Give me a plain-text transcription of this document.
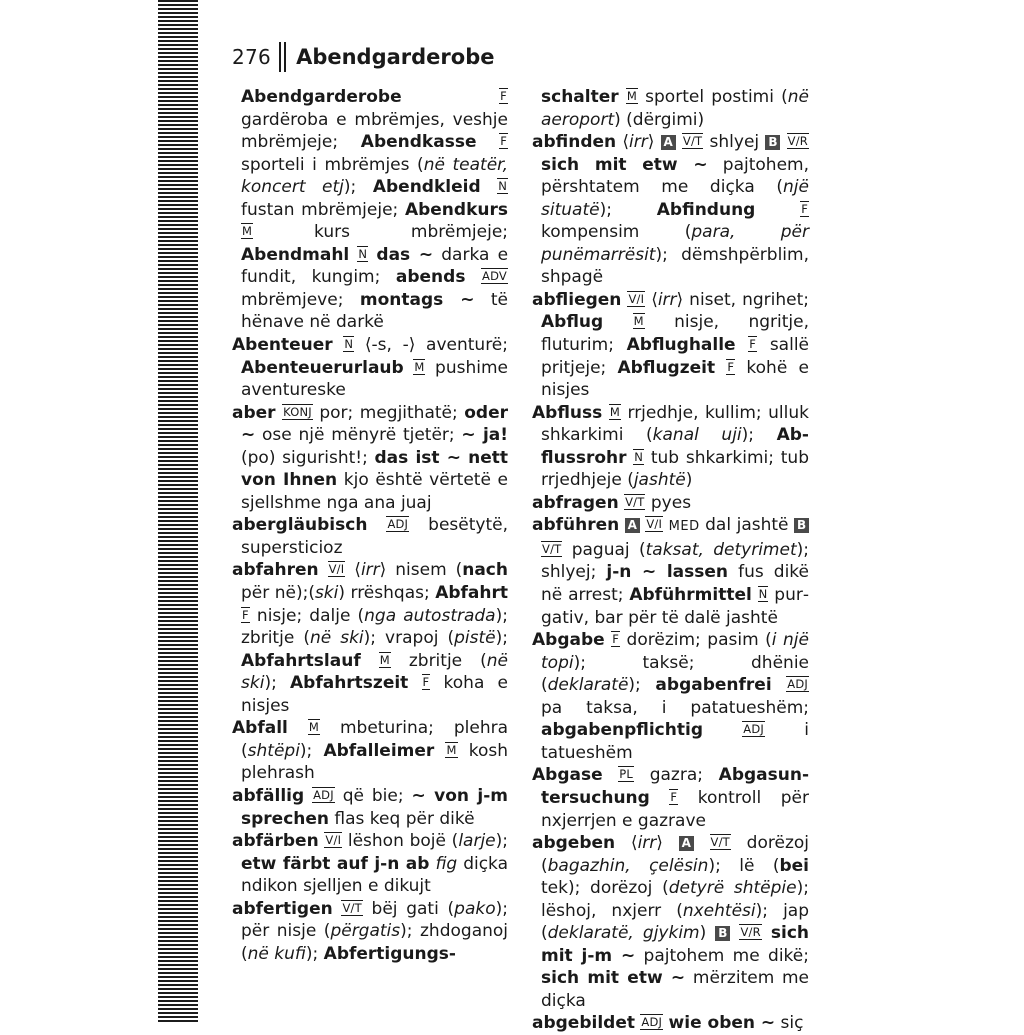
276 Abendgarderobe

Abendgarderobe	F gardëroba e mbrëmjes, veshje mbrëmjeje; Abendkasse F sporteli i mbrëmjes (në teatër, koncert etj); Abendkleid N fustan mbrëmjeje; Abendkurs M kurs mbrëmjeje; Abendmahl N das ~ darka e fundit, kungim; abends ADV mbrëmjeve; montags ~ të hënave në darkë

Abenteuer N ⟨-s, -⟩ aventurë; Abenteuerurlaub M pushime aventureske

aber KONJ por; megjithatë; oder ~ ose një mënyrë tjetër; ~ ja! (po) sigurisht!; das ist ~ nett von Ihnen kjo është vërtetë e sjellshme nga ana juaj

abergläubisch ADJ besëtytë, supersticioz

abfahren V/I ⟨irr⟩ nisem (nach për në);(ski) rrëshqas; Abfahrt F nisje; dalje (nga autostrada); zbritje (në ski); vrapoj (pistë); Abfahrtslauf M zbritje (në ski); Abfahrtszeit F koha e nisjes

Abfall M mbeturina; plehra (shtëpi); Abfalleimer M kosh plehrash

abfällig ADJ që bie; ~ von j-m sprechen flas keq për dikë

abfärben V/I lëshon bojë (larje); etw färbt auf j-n ab fig diçka ndikon sjelljen e dikujt

abfertigen V/T bëj gati (pako); për nisje (përgatis); zhdoganoj (në kufi); Abfertigungs-

schalter M sportel postimi (në aeroport) (dërgimi)

abfinden ⟨irr⟩ A V/T shlyej B V/R sich mit etw ~ pajtohem, përshtatem me diçka (një situatë); Abfindung	F kompensim (para, për punëmarrësit); dëmshpërblim, shpagë

abfliegen V/I ⟨irr⟩ niset, ngrihet; Abflug	M nisje, ngritje, fluturim; Abflughalle F sallë pritjeje; Abflugzeit F kohë e nisjes

Abfluss M rrjedhje, kullim; ulluk shkarkimi (kanal uji); Abflussrohr N tub shkarkimi; tub rrjedhjeje (jashtë)

abfragen V/T pyes

abführen A V/I MED dal jashtë B V/T paguaj (taksat, detyrimet); shlyej; j-n ~ lassen fus dikë në arrest; Abführmittel N purgativ, bar për të dalë jashtë

Abgabe F dorëzim; pasim (i një topi); taksë; dhënie (deklaratë); abgabenfrei ADJ pa taksa, i patatueshëm; abgabenpflichtig	ADJ i tatueshëm

Abgase PL gazra; Abgasuntersuchung F kontroll për nxjerrjen e gazrave

abgeben ⟨irr⟩ A V/T dorëzoj (bagazhin, çelësin); lë (bei tek); dorëzoj (detyrë shtëpie); lëshoj, nxjerr (nxehtësi); jap (deklaratë, gjykim) B V/R sich mit j-m ~ pajtohem me dikë; sich mit etw ~ mërzitem me diçka

abgebildet ADJ wie oben ~ siç
